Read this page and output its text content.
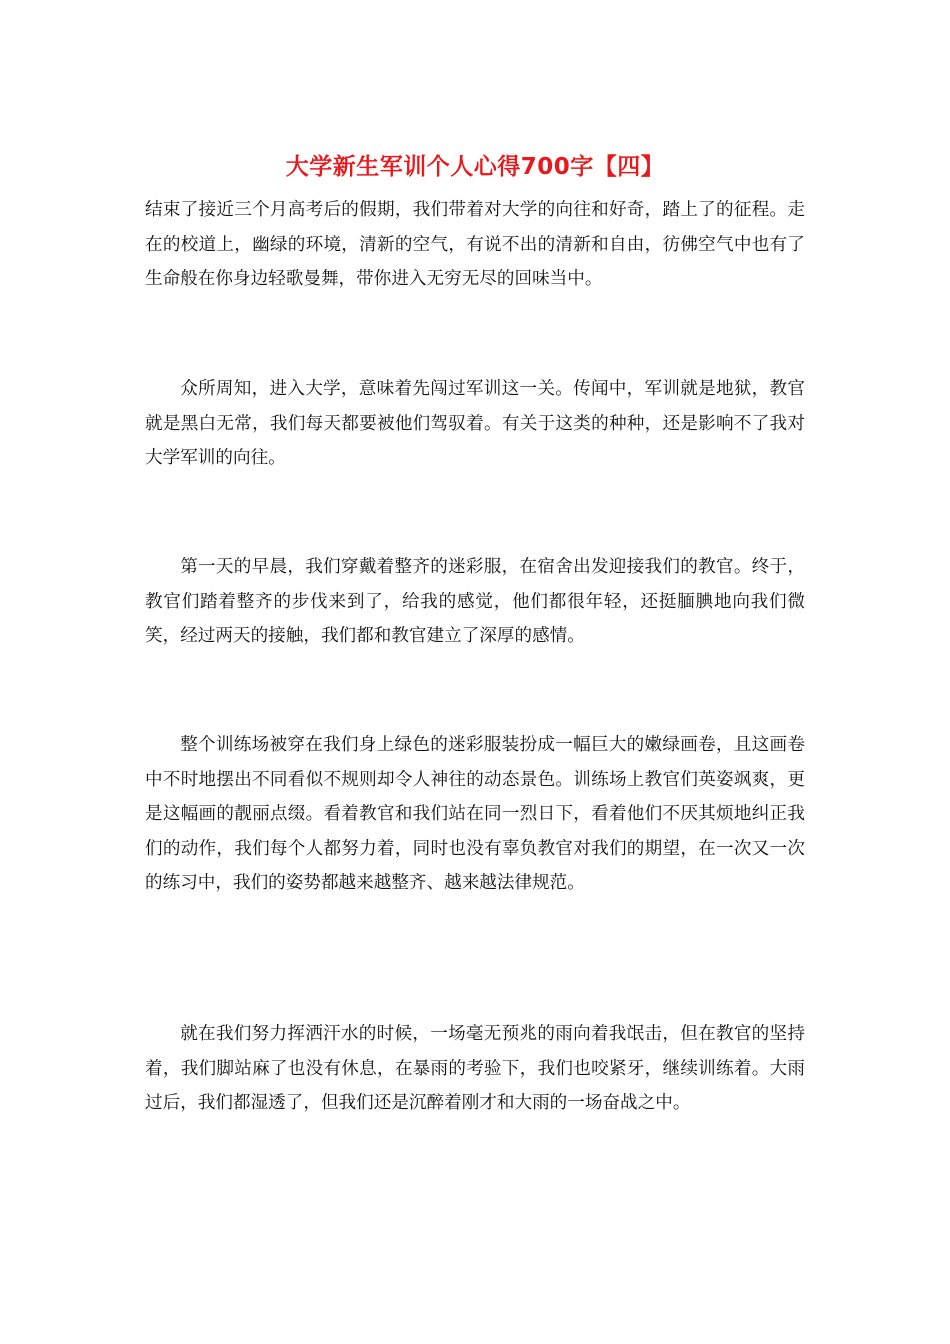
大学新生军训个人心得700字【四】

结束了接近三个月高考后的假期，我们带着对大学的向往和好奇，踏上了的征程。走在的校道上，幽绿的环境，清新的空气，有说不出的清新和自由，彷佛空气中也有了生命般在你身边轻歌曼舞，带你进入无穷无尽的回味当中。

众所周知，进入大学，意味着先闯过军训这一关。传闻中，军训就是地狱，教官就是黑白无常，我们每天都要被他们驾驭着。有关于这类的种种，还是影响不了我对大学军训的向往。

第一天的早晨，我们穿戴着整齐的迷彩服，在宿舍出发迎接我们的教官。终于，教官们踏着整齐的步伐来到了，给我的感觉，他们都很年轻，还挺腼腆地向我们微笑，经过两天的接触，我们都和教官建立了深厚的感情。

整个训练场被穿在我们身上绿色的迷彩服装扮成一幅巨大的嫩绿画卷，且这画卷中不时地摆出不同看似不规则却令人神往的动态景色。训练场上教官们英姿飒爽，更是这幅画的靓丽点缀。看着教官和我们站在同一烈日下，看着他们不厌其烦地纠正我们的动作，我们每个人都努力着，同时也没有辜负教官对我们的期望，在一次又一次的练习中，我们的姿势都越来越整齐、越来越法律规范。

就在我们努力挥洒汗水的时候，一场毫无预兆的雨向着我氓击，但在教官的坚持着，我们脚站麻了也没有休息，在暴雨的考验下，我们也咬紧牙，继续训练着。大雨过后，我们都湿透了，但我们还是沉醉着刚才和大雨的一场奋战之中。
